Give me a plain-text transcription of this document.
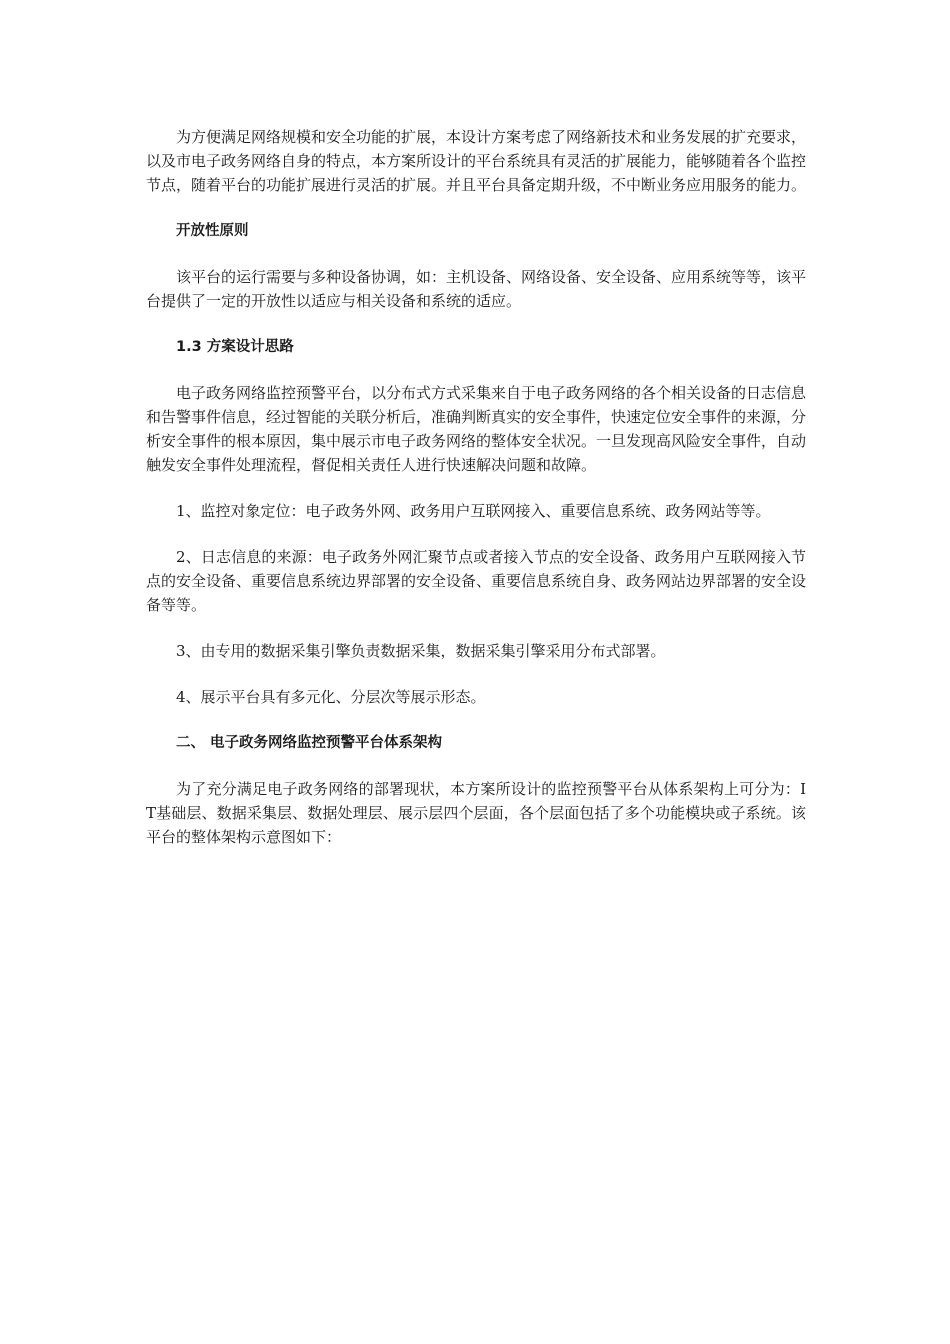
为方便满足网络规模和安全功能的扩展，本设计方案考虑了网络新技术和业务发展的扩充要求，以及市电子政务网络自身的特点，本方案所设计的平台系统具有灵活的扩展能力，能够随着各个监控节点，随着平台的功能扩展进行灵活的扩展。并且平台具备定期升级，不中断业务应用服务的能力。

开放性原则

该平台的运行需要与多种设备协调，如：主机设备、网络设备、安全设备、应用系统等等，该平台提供了一定的开放性以适应与相关设备和系统的适应。

1.3 方案设计思路

电子政务网络监控预警平台，以分布式方式采集来自于电子政务网络的各个相关设备的日志信息和告警事件信息，经过智能的关联分析后，准确判断真实的安全事件，快速定位安全事件的来源，分析安全事件的根本原因，集中展示市电子政务网络的整体安全状况。一旦发现高风险安全事件，自动触发安全事件处理流程，督促相关责任人进行快速解决问题和故障。

1、监控对象定位：电子政务外网、政务用户互联网接入、重要信息系统、政务网站等等。

2、日志信息的来源：电子政务外网汇聚节点或者接入节点的安全设备、政务用户互联网接入节点的安全设备、重要信息系统边界部署的安全设备、重要信息系统自身、政务网站边界部署的安全设备等等。

3、由专用的数据采集引擎负责数据采集，数据采集引擎采用分布式部署。

4、展示平台具有多元化、分层次等展示形态。

二、 电子政务网络监控预警平台体系架构

为了充分满足电子政务网络的部署现状，本方案所设计的监控预警平台从体系架构上可分为：IT基础层、数据采集层、数据处理层、展示层四个层面，各个层面包括了多个功能模块或子系统。该平台的整体架构示意图如下：
